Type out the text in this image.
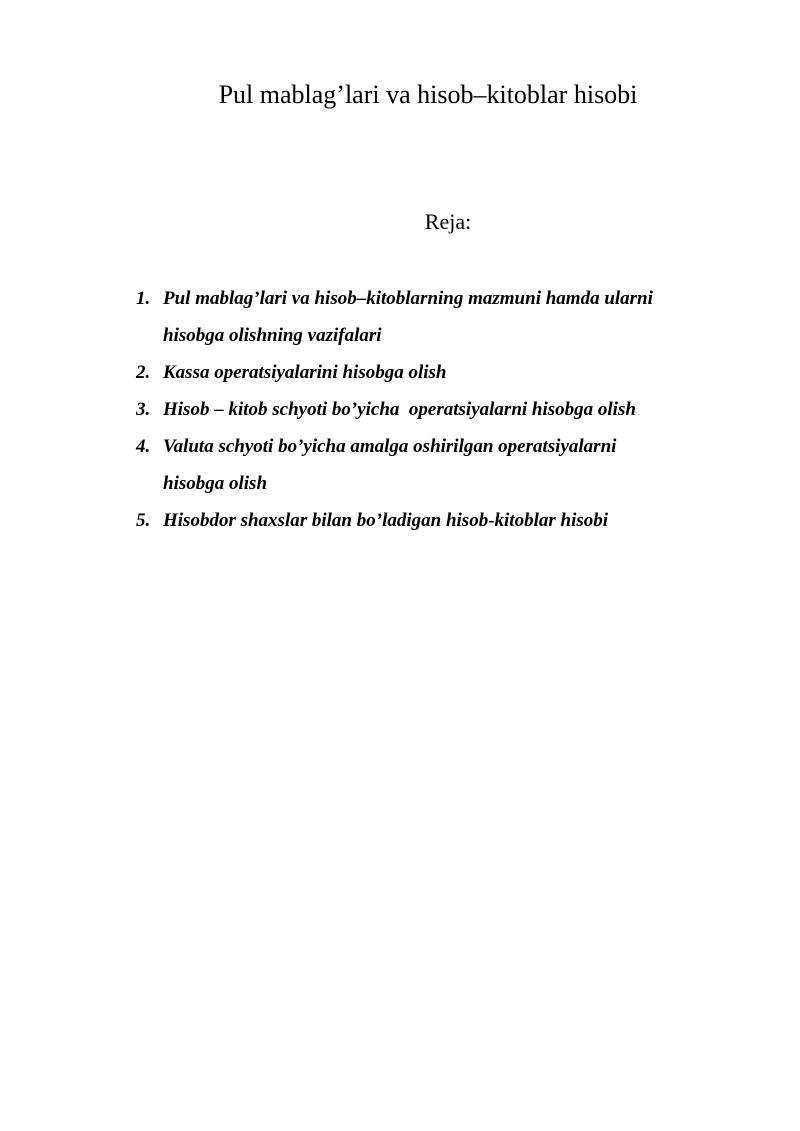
Pul mablag’lari va hisob–kitoblar hisobi
Reja:
1. Pul mablag’lari va hisob–kitoblarning mazmuni hamda ularni
hisobga olishning vazifalari
2. Kassa operatsiyalarini hisobga olish
3. Hisob – kitob schyoti bo’yicha  operatsiyalarni hisobga olish
4. Valuta schyoti bo’yicha amalga oshirilgan operatsiyalarni
hisobga olish
5. Hisobdor shaxslar bilan bo’ladigan hisob-kitoblar hisobi
